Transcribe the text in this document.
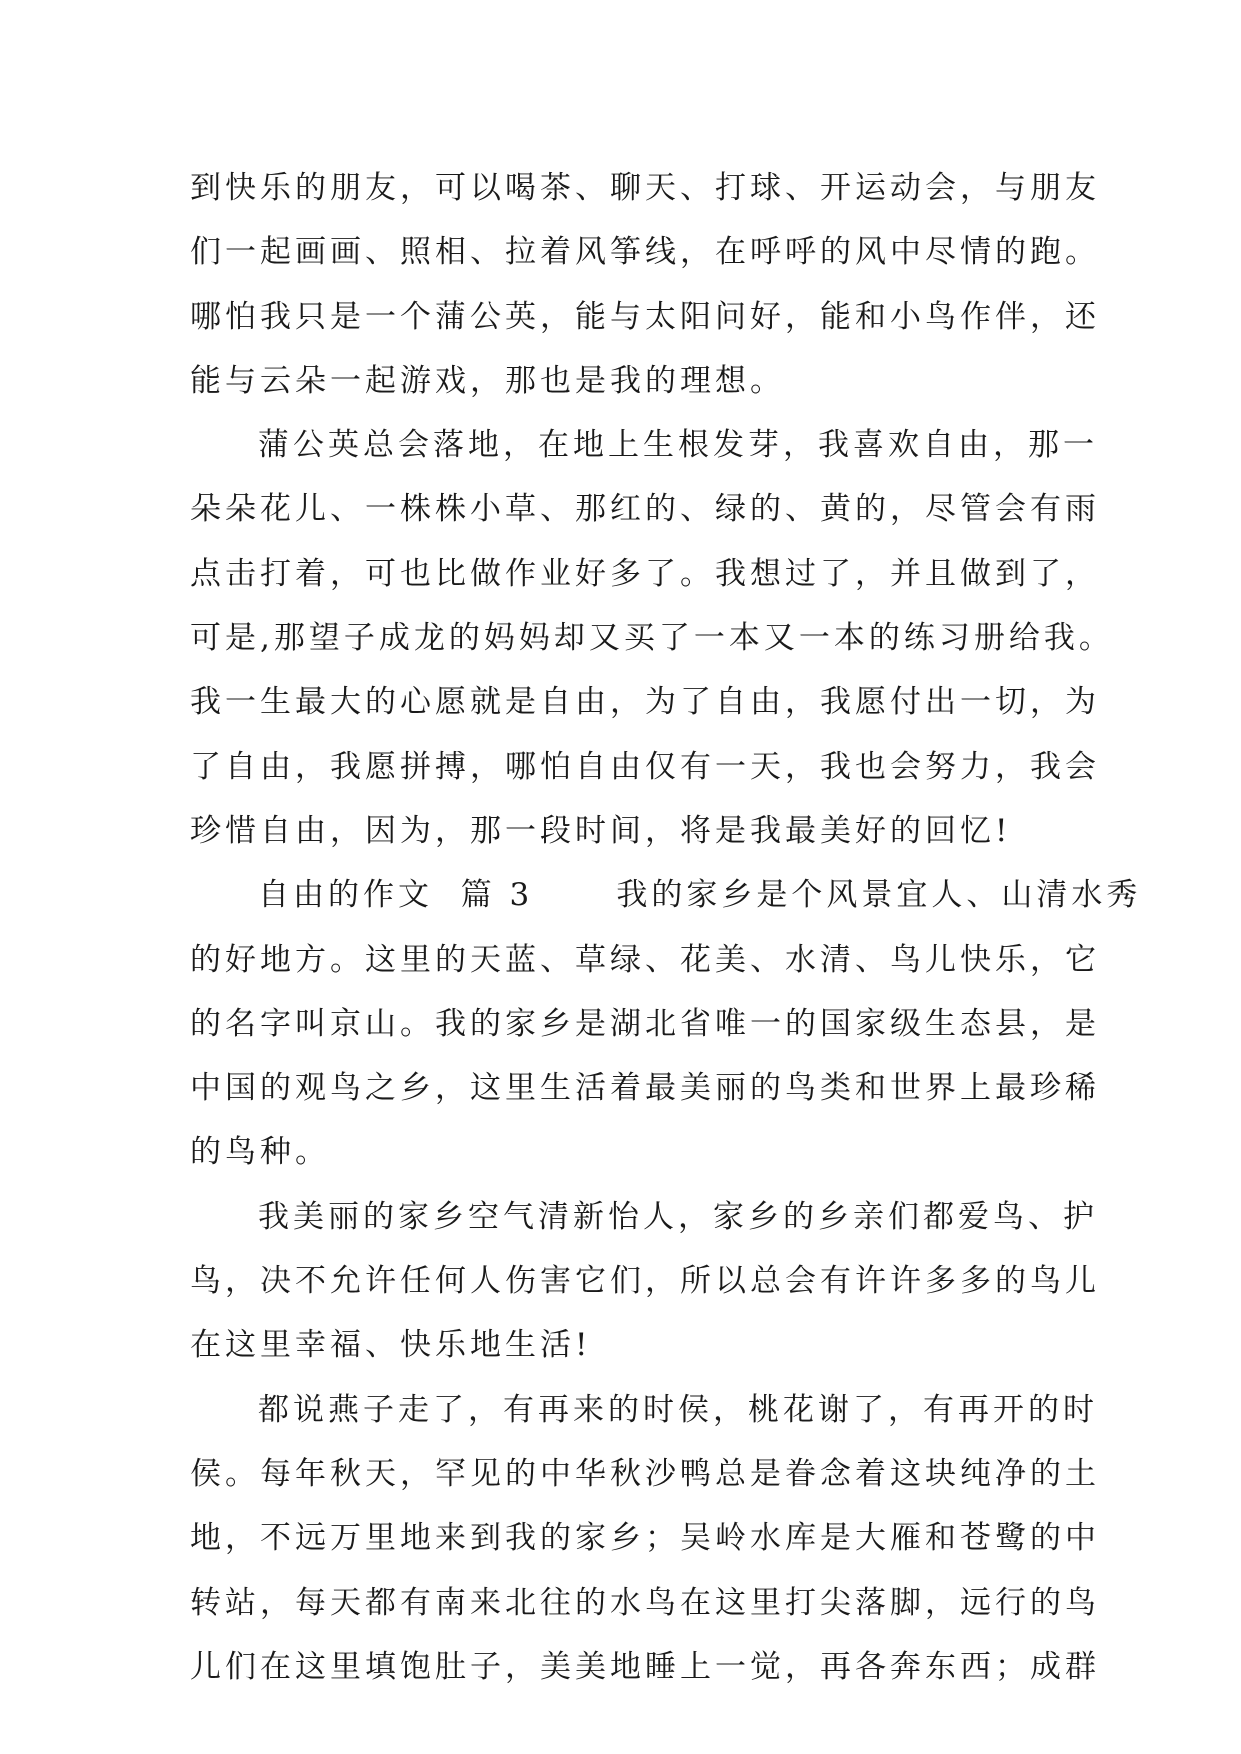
到快乐的朋友，可以喝茶、聊天、打球、开运动会，与朋友
们一起画画、照相、拉着风筝线，在呼呼的风中尽情的跑。
哪怕我只是一个蒲公英，能与太阳问好，能和小鸟作伴，还
能与云朵一起游戏，那也是我的理想。
蒲公英总会落地，在地上生根发芽，我喜欢自由，那一
朵朵花儿、一株株小草、那红的、绿的、黄的，尽管会有雨
点击打着，可也比做作业好多了。我想过了，并且做到了，
可是,那望子成龙的妈妈却又买了一本又一本的练习册给我。
我一生最大的心愿就是自由，为了自由，我愿付出一切，为
了自由，我愿拼搏，哪怕自由仅有一天，我也会努力，我会
珍惜自由，因为，那一段时间，将是我最美好的回忆!
自由的作文  篇 3      我的家乡是个风景宜人、山清水秀
的好地方。这里的天蓝、草绿、花美、水清、鸟儿快乐，它
的名字叫京山。我的家乡是湖北省唯一的国家级生态县，是
中国的观鸟之乡，这里生活着最美丽的鸟类和世界上最珍稀
的鸟种。
我美丽的家乡空气清新怡人，家乡的乡亲们都爱鸟、护
鸟，决不允许任何人伤害它们，所以总会有许许多多的鸟儿
在这里幸福、快乐地生活!
都说燕子走了，有再来的时侯，桃花谢了，有再开的时
侯。每年秋天，罕见的中华秋沙鸭总是眷念着这块纯净的土
地，不远万里地来到我的家乡；吴岭水库是大雁和苍鹭的中
转站，每天都有南来北往的水鸟在这里打尖落脚，远行的鸟
儿们在这里填饱肚子，美美地睡上一觉，再各奔东西；成群
